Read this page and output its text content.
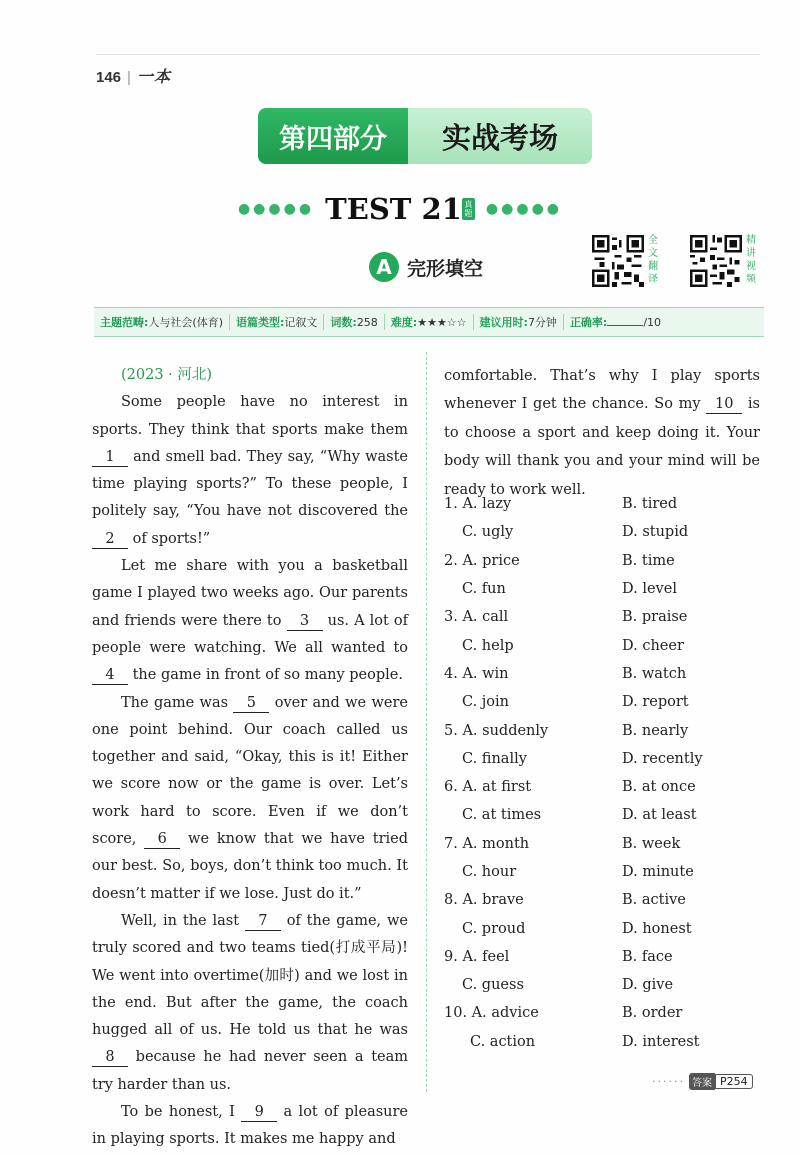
146 | 一本
第四部分	实战考场
●●●●● TEST 21 真题 ●●●●●
A 完形填空
全
文
翻
译
精
讲
视
频
主题范畴:人与社会(体育)	语篇类型:记叙文	词数:258	难度:★★★☆☆	建议用时:7分钟	正确率:	/10

(2023 · 河北)

Some people have no interest in sports. They think that sports make them 1 and smell bad. They say, “Why waste time playing sports?” To these people, I politely say, “You have not discovered the 2 of sports!”

Let me share with you a basketball game I played two weeks ago. Our parents and friends were there to 3 us. A lot of people were watching. We all wanted to 4 the game in front of so many people.

The game was 5 over and we were one point behind. Our coach called us together and said, “Okay, this is it! Either we score now or the game is over. Let’s work hard to score. Even if we don’t score, 6 we know that we have tried our best. So, boys, don’t think too much. It doesn’t matter if we lose. Just do it.”

Well, in the last 7 of the game, we truly scored and two teams tied(打成平局)! We went into overtime(加时) and we lost in the end. But after the game, the coach hugged all of us. He told us that he was 8 because he had never seen a team try harder than us.

To be honest, I 9 a lot of pleasure in playing sports. It makes me happy and

comfortable. That’s why I play sports whenever I get the chance. So my 10 is to choose a sport and keep doing it. Your body will thank you and your mind will be ready to work well.

1. A. lazy	B. tired
C. ugly	D. stupid
2. A. price	B. time
C. fun	D. level
3. A. call	B. praise
C. help	D. cheer
4. A. win	B. watch
C. join	D. report
5. A. suddenly	B. nearly
C. finally	D. recently
6. A. at first	B. at once
C. at times	D. at least
7. A. month	B. week
C. hour	D. minute
8. A. brave	B. active
C. proud	D. honest
9. A. feel	B. face
C. guess	D. give
10. A. advice	B. order
C. action	D. interest
······ 答案 P254
